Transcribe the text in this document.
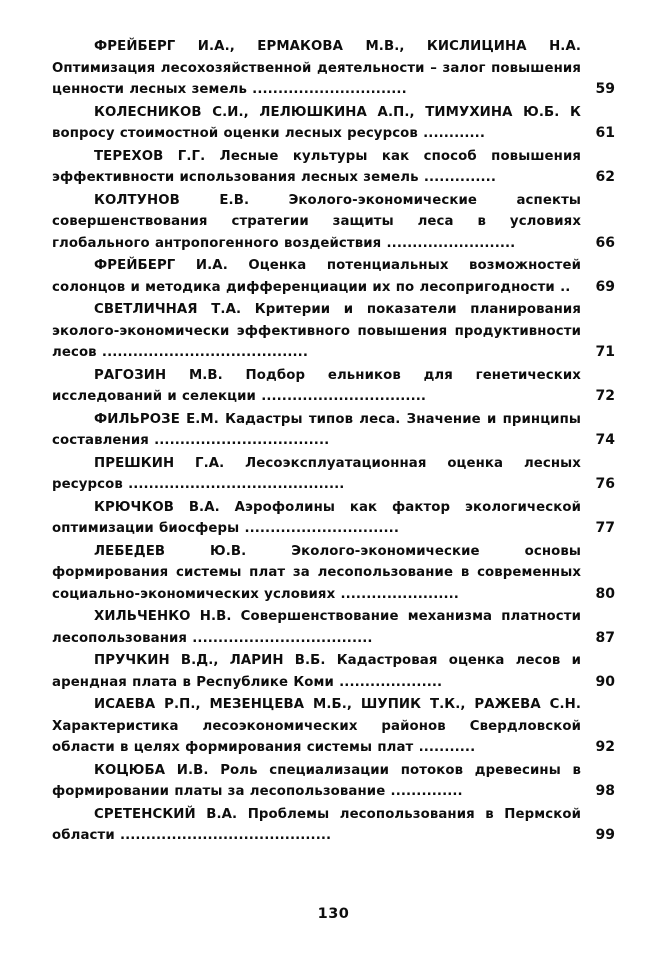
ФРЕЙБЕРГ И.А., ЕРМАКОВА М.В., КИСЛИЦИНА Н.А. Оптимизация лесохозяйственной деятельности – залог повышения ценности лесных земель ..............................	59
КОЛЕСНИКОВ С.И., ЛЕЛЮШКИНА А.П., ТИМУХИНА Ю.Б. К вопросу стоимостной оценки лесных ресурсов ............	61
ТЕРЕХОВ Г.Г. Лесные культуры как способ повышения эффективности использования лесных земель ..............	62
КОЛТУНОВ Е.В. Эколого-экономические аспекты совершенствования стратегии защиты леса в условиях глобального антропогенного воздействия .........................	66
ФРЕЙБЕРГ И.А. Оценка потенциальных возможностей солонцов и методика дифференциации их по лесопригодности ..	69
СВЕТЛИЧНАЯ Т.А. Критерии и показатели планирования эколого-экономически эффективного повышения продуктивности лесов ........................................	71
РАГОЗИН М.В. Подбор ельников для генетических исследований и селекции ................................	72
ФИЛЬРОЗЕ Е.М. Кадастры типов леса. Значение и принципы составления ..................................	74
ПРЕШКИН Г.А. Лесоэксплуатационная оценка лесных ресурсов ..........................................	76
КРЮЧКОВ В.А. Аэрофолины как фактор экологической оптимизации биосферы ..............................	77
ЛЕБЕДЕВ Ю.В. Эколого-экономические основы формирования системы плат за лесопользование в современных социально-экономических условиях .......................	80
ХИЛЬЧЕНКО Н.В. Совершенствование механизма платности лесопользования ...................................	87
ПРУЧКИН В.Д., ЛАРИН В.Б. Кадастровая оценка лесов и арендная плата в Республике Коми ....................	90
ИСАЕВА Р.П., МЕЗЕНЦЕВА М.Б., ШУПИК Т.К., РАЖЕВА С.Н. Характеристика лесоэкономических районов Свердловской области в целях формирования системы плат ...........	92
КОЦЮБА И.В. Роль специализации потоков древесины в формировании платы за лесопользование ..............	98
СРЕТЕНСКИЙ В.А. Проблемы лесопользования в Пермской области .........................................	99
130
